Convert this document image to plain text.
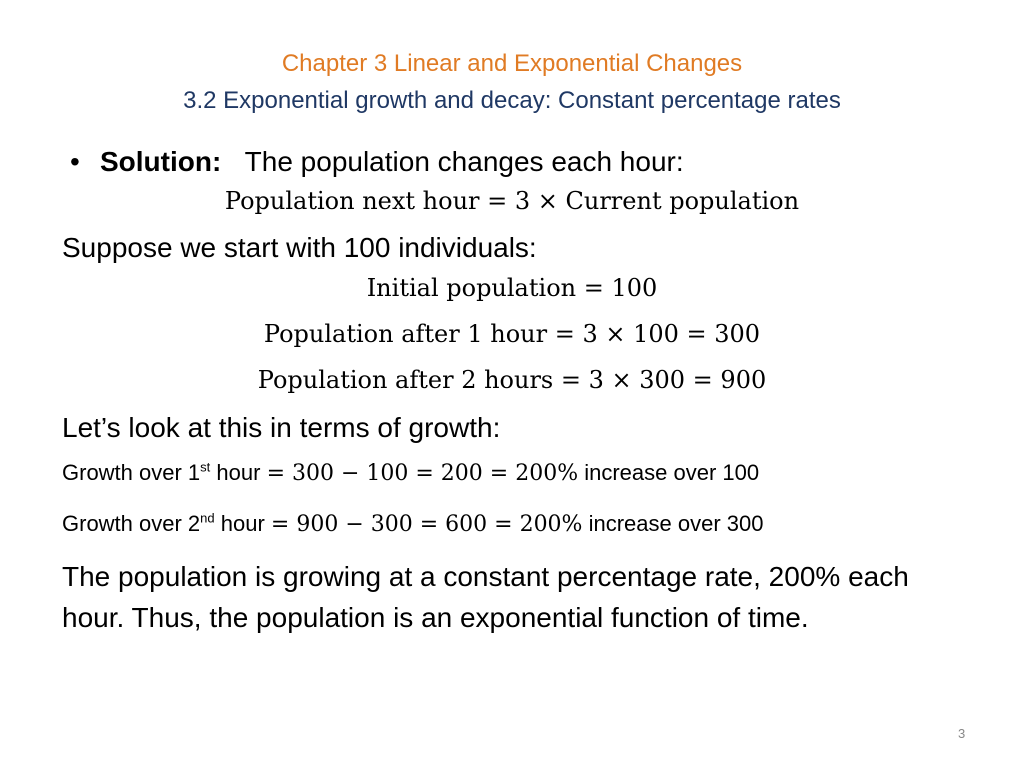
Chapter 3 Linear and Exponential Changes
3.2 Exponential growth and decay: Constant percentage rates
• Solution: The population changes each hour:
Population next hour = 3 × Current population
Suppose we start with 100 individuals:
Initial population = 100
Population after 1 hour = 3 × 100 = 300
Population after 2 hours = 3 × 300 = 900
Let’s look at this in terms of growth:
Growth over 1st hour = 300 − 100 = 200 = 200% increase over 100
Growth over 2nd hour = 900 − 300 = 600 = 200% increase over 300
The population is growing at a constant percentage rate, 200% each hour. Thus, the population is an exponential function of time.
3
